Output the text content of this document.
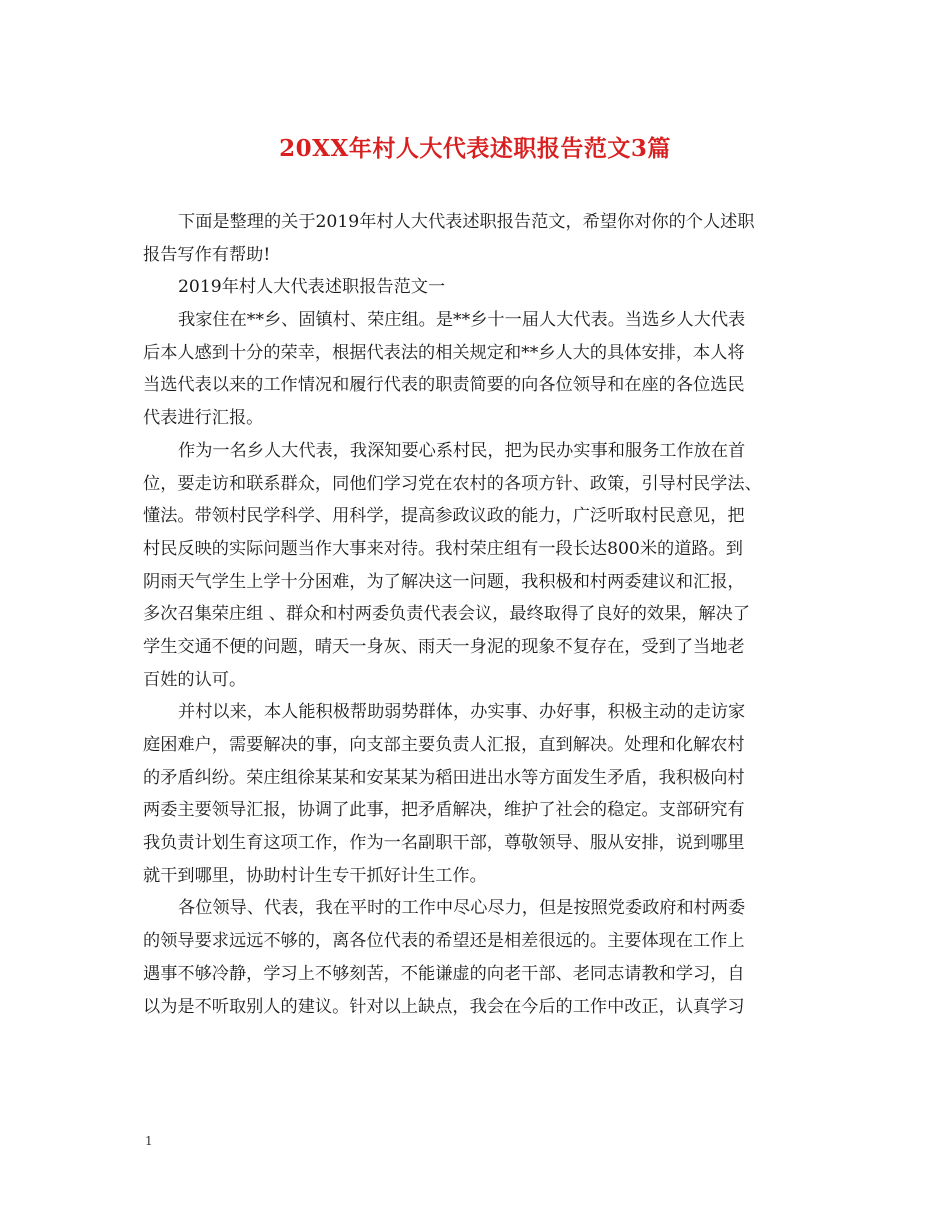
20XX年村人大代表述职报告范文3篇
下面是整理的关于2019年村人大代表述职报告范文，希望你对你的个人述职
报告写作有帮助!
2019年村人大代表述职报告范文一
我家住在**乡、固镇村、荣庄组。是**乡十一届人大代表。当选乡人大代表
后本人感到十分的荣幸，根据代表法的相关规定和**乡人大的具体安排，本人将
当选代表以来的工作情况和履行代表的职责简要的向各位领导和在座的各位选民
代表进行汇报。
作为一名乡人大代表，我深知要心系村民，把为民办实事和服务工作放在首
位，要走访和联系群众，同他们学习党在农村的各项方针、政策，引导村民学法、
懂法。带领村民学科学、用科学，提高参政议政的能力，广泛听取村民意见，把
村民反映的实际问题当作大事来对待。我村荣庄组有一段长达800米的道路。到
阴雨天气学生上学十分困难，为了解决这一问题，我积极和村两委建议和汇报，
多次召集荣庄组 、群众和村两委负责代表会议，最终取得了良好的效果，解决了
学生交通不便的问题，晴天一身灰、雨天一身泥的现象不复存在，受到了当地老
百姓的认可。
并村以来，本人能积极帮助弱势群体，办实事、办好事，积极主动的走访家
庭困难户，需要解决的事，向支部主要负责人汇报，直到解决。处理和化解农村
的矛盾纠纷。荣庄组徐某某和安某某为稻田进出水等方面发生矛盾，我积极向村
两委主要领导汇报，协调了此事，把矛盾解决，维护了社会的稳定。支部研究有
我负责计划生育这项工作，作为一名副职干部，尊敬领导、服从安排，说到哪里
就干到哪里，协助村计生专干抓好计生工作。
各位领导、代表，我在平时的工作中尽心尽力，但是按照党委政府和村两委
的领导要求远远不够的，离各位代表的希望还是相差很远的。主要体现在工作上
遇事不够冷静，学习上不够刻苦，不能谦虚的向老干部、老同志请教和学习，自
以为是不听取别人的建议。针对以上缺点，我会在今后的工作中改正，认真学习
1
